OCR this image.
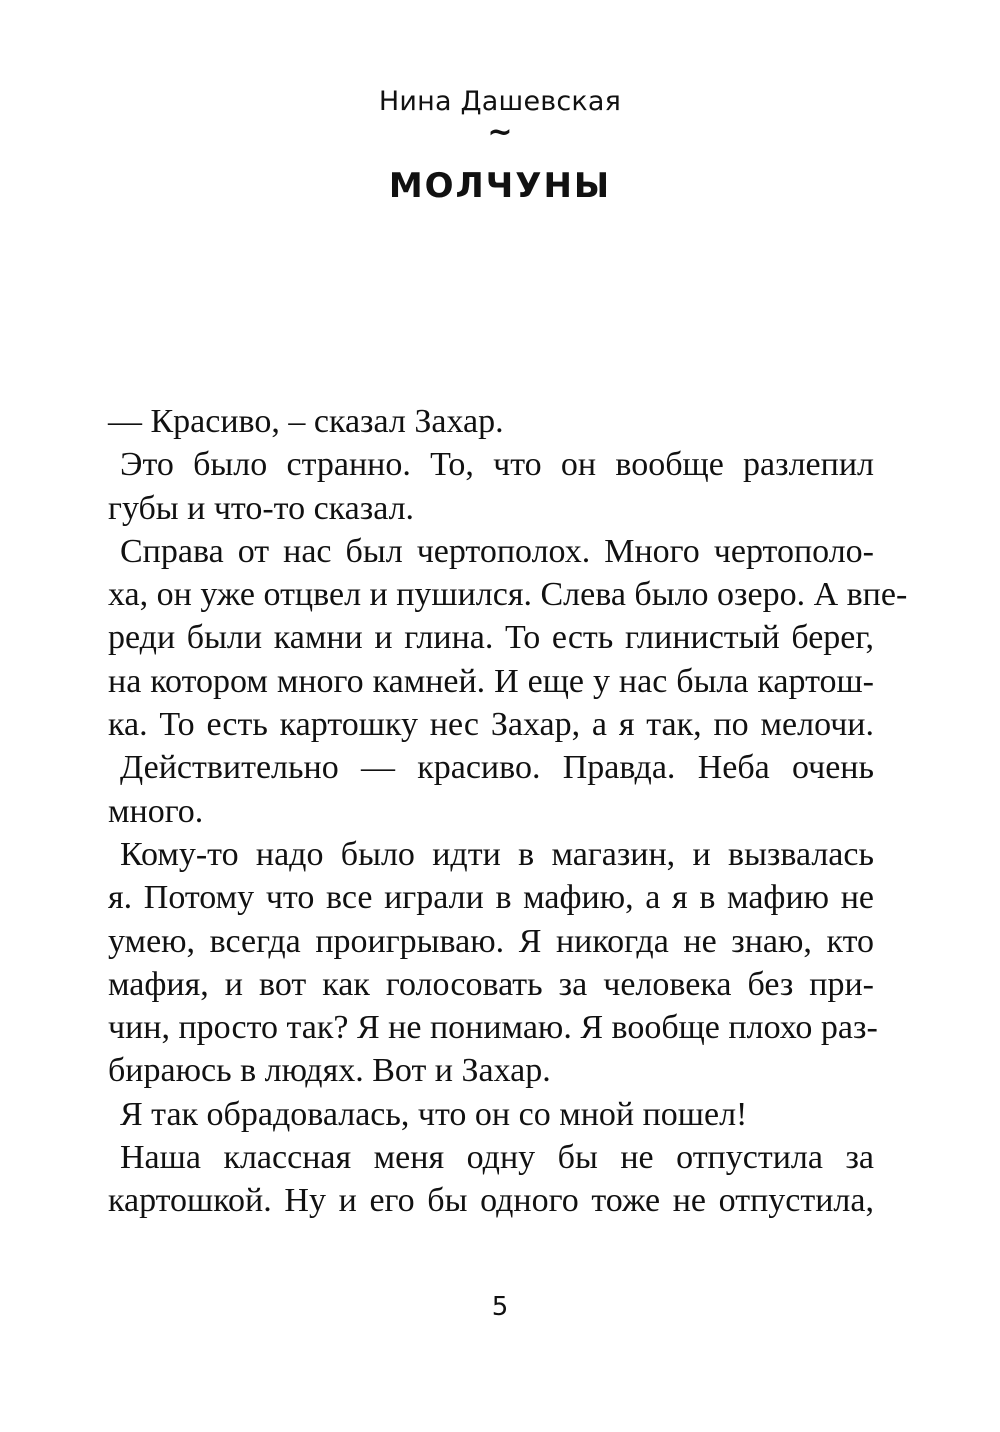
Нина Дашевская
~
МОЛЧУНЫ
— Красиво, – сказал Захар.
Это было странно. То, что он вообще разлепил
губы и что-то сказал.
Справа от нас был чертополох. Много чертополо-
ха, он уже отцвел и пушился. Слева было озеро. А впе-
реди были камни и глина. То есть глинистый берег,
на котором много камней. И еще у нас была картош-
ка. То есть картошку нес Захар, а я так, по мелочи.
Действительно — красиво. Правда. Неба очень
много.
Кому-то надо было идти в магазин, и вызвалась
я. Потому что все играли в мафию, а я в мафию не
умею, всегда проигрываю. Я никогда не знаю, кто
мафия, и вот как голосовать за человека без при-
чин, просто так? Я не понимаю. Я вообще плохо раз-
бираюсь в людях. Вот и Захар.
Я так обрадовалась, что он со мной пошел!
Наша классная меня одну бы не отпустила за
картошкой. Ну и его бы одного тоже не отпустила,
5
